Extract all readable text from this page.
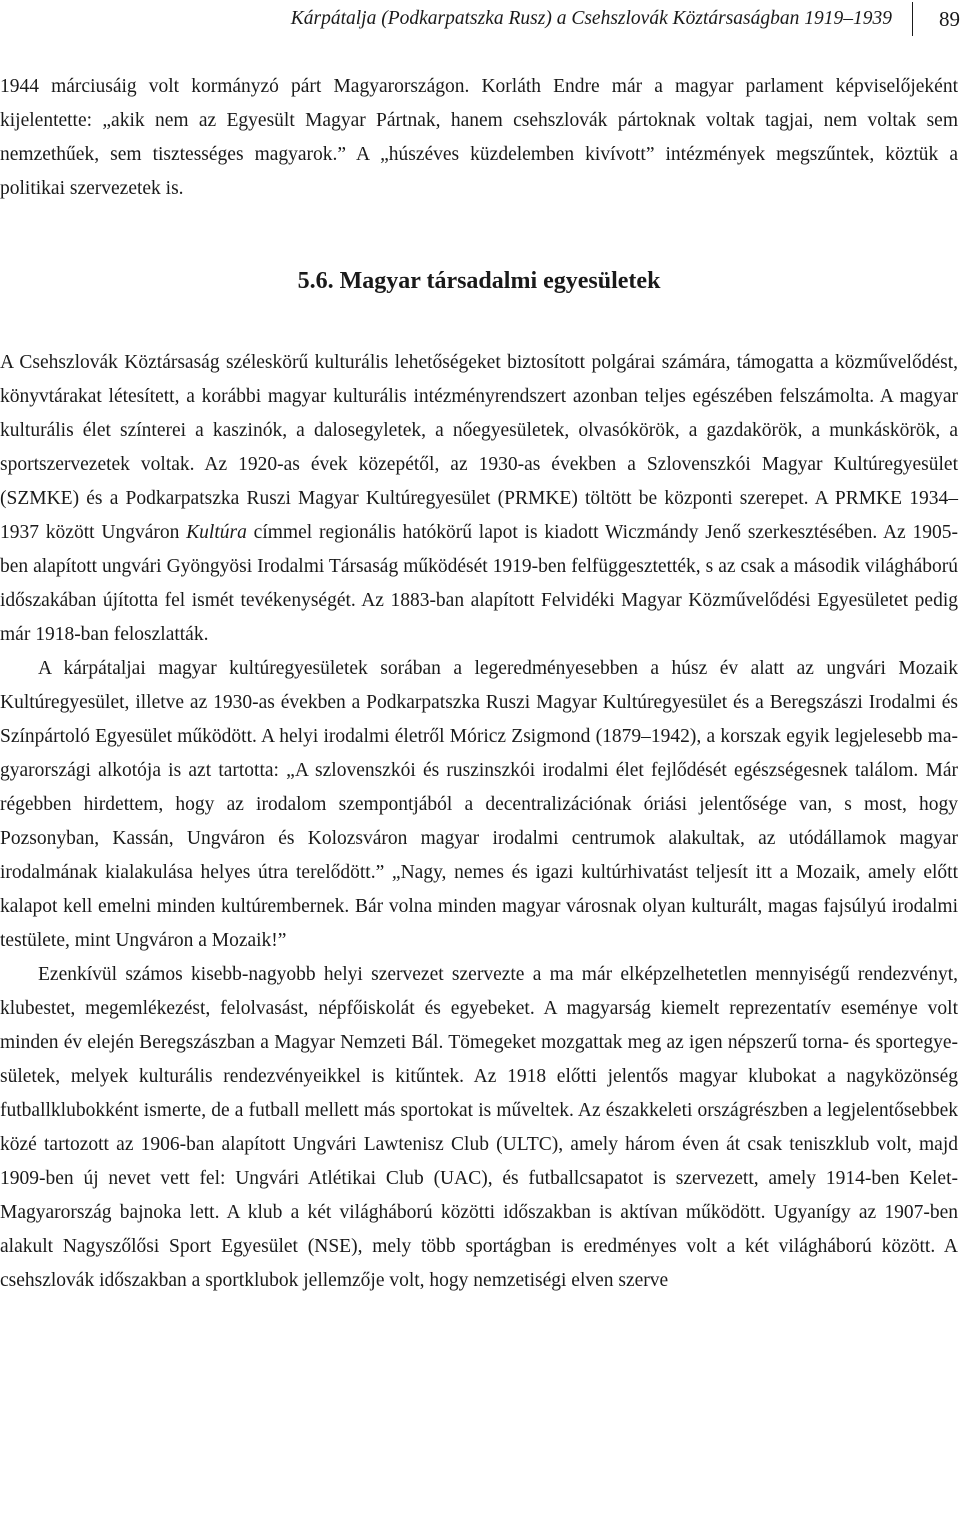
Kárpátalja (Podkarpatszka Rusz) a Csehszlovák Köztársaságban 1919–1939	89

1944 márciusáig volt kormányzó párt Magyarországon. Korláth Endre már a magyar parlament képviselőjeként kijelentette: „akik nem az Egyesült Magyar Pártnak, hanem csehszlovák pártoknak voltak tagjai, nem voltak sem nemzethűek, sem tisztességes magyarok.” A „húszéves küzdelemben kivívott” intézmények megszűntek, köztük a politikai szervezetek is.

5.6. Magyar társadalmi egyesületek

A Csehszlovák Köztársaság széleskörű kulturális lehetőségeket biztosított polgárai számára, támogatta a közművelődést, könyvtárakat létesített, a korábbi magyar kulturális intézményrendszert azonban teljes egészében felszámolta. A magyar kulturális élet színterei a kaszinók, a dalosegyletek, a nőegyesületek, olvasókörök, a gazdakörök, a munkáskörök, a sportszervezetek voltak. Az 1920-as évek közepétől, az 1930-as években a Szlovenszkói Magyar Kultúregyesület (SZMKE) és a Podkarpatszka Ruszi Magyar Kultúregyesület (PRMKE) töltött be központi szerepet. A PRMKE 1934–1937 között Ungváron Kultúra címmel regionális hatókörű lapot is kiadott Wiczmándy Jenő szerkesztésében. Az 1905-ben alapított ungvári Gyöngyösi Irodalmi Társaság működését 1919-ben felfüggesztették, s az csak a második világháború időszakában újította fel ismét tevékenységét. Az 1883-ban alapított Felvidéki Magyar Közművelődési Egyesületet pedig már 1918-ban feloszlatták.

A kárpátaljai magyar kultúregyesületek sorában a legeredményesebben a húsz év alatt az ungvári Mozaik Kultúregyesület, illetve az 1930-as években a Podkarpatszka Ruszi Magyar Kultúregyesület és a Beregszászi Irodalmi és Színpártoló Egyesület működött. A helyi irodalmi életről Móricz Zsigmond (1879–1942), a korszak egyik legjelesebb magyarországi alkotója is azt tartotta: „A szlovenszkói és ruszinszkói irodalmi élet fejlődését egészségesnek találom. Már régebben hirdettem, hogy az irodalom szempontjából a decentralizációnak óriási jelentősége van, s most, hogy Pozsonyban, Kassán, Ungváron és Kolozsváron magyar irodalmi centrumok alakultak, az utódállamok magyar irodalmának kialakulása helyes útra terelődött.” „Nagy, nemes és igazi kultúrhivatást teljesít itt a Mozaik, amely előtt kalapot kell emelni minden kultúrembernek. Bár volna minden magyar városnak olyan kulturált, magas fajsúlyú irodalmi testülete, mint Ungváron a Mozaik!”

Ezenkívül számos kisebb-nagyobb helyi szervezet szervezte a ma már elképzelhetetlen mennyiségű rendezvényt, klubestet, megemlékezést, felolvasást, népfőiskolát és egyebeket. A magyarság kiemelt reprezentatív eseménye volt minden év elején Beregszászban a Magyar Nemzeti Bál. Tömegeket mozgattak meg az igen népszerű torna- és sportegyesületek, melyek kulturális rendezvényeikkel is kitűntek. Az 1918 előtti jelentős magyar klubokat a nagyközönség futballklubokként ismerte, de a futball mellett más sportokat is műveltek. Az északkeleti országrészben a legjelentősebbek közé tartozott az 1906-ban alapított Ungvári Lawtenisz Club (ULTC), amely három éven át csak teniszklub volt, majd 1909-ben új nevet vett fel: Ungvári Atlétikai Club (UAC), és futballcsapatot is szervezett, amely 1914-ben Kelet-Magyarország bajnoka lett. A klub a két világháború közötti időszakban is aktívan működött. Ugyanígy az 1907-ben alakult Nagyszőlősi Sport Egyesület (NSE), mely több sportágban is eredményes volt a két világháború között. A csehszlovák időszakban a sportklubok jellemzője volt, hogy nemzetiségi elven szerve
